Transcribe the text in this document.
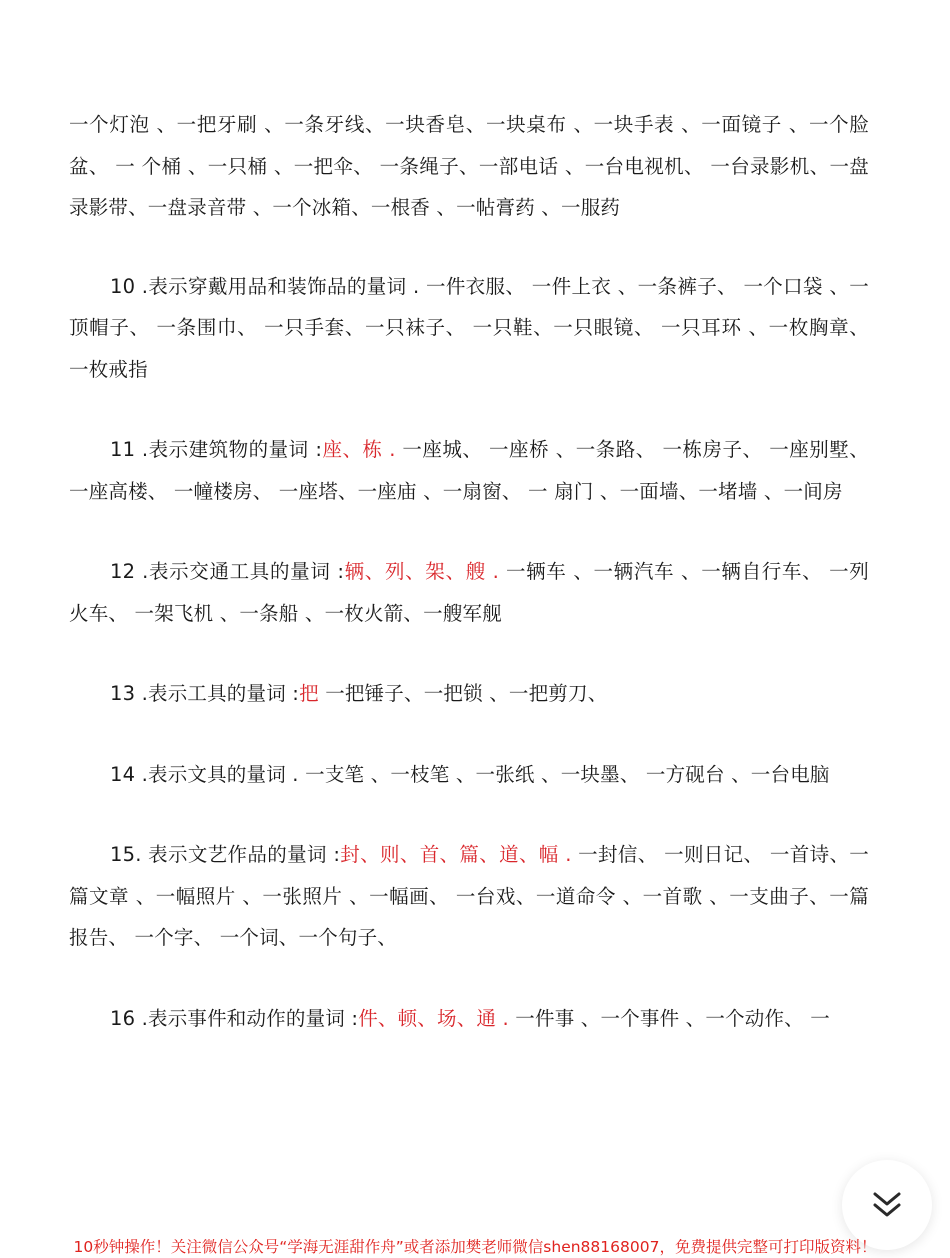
一个灯泡 、一把牙刷 、一条牙线、一块香皂、一块桌布 、一块手表 、一面镜子 、一个脸盆、 一 个桶 、一只桶 、一把伞、 一条绳子、一部电话 、一台电视机、 一台录影机、一盘录影带、一盘录音带 、一个冰箱、一根香 、一帖膏药 、一服药

10 .表示穿戴用品和装饰品的量词 . 一件衣服、 一件上衣 、一条裤子、 一个口袋 、一顶帽子、 一条围巾、 一只手套、一只袜子、 一只鞋、一只眼镜、 一只耳环 、一枚胸章、一枚戒指

11 .表示建筑物的量词 :座、栋 . 一座城、 一座桥 、一条路、 一栋房子、 一座别墅、 一座高楼、 一幢楼房、 一座塔、一座庙 、一扇窗、 一 扇门 、一面墙、一堵墙 、一间房

12 .表示交通工具的量词 :辆、列、架、艘 . 一辆车 、一辆汽车 、一辆自行车、 一列火车、 一架飞机 、一条船 、一枚火箭、一艘军舰

13 .表示工具的量词 :把 一把锤子、一把锁 、一把剪刀、

14 .表示文具的量词 . 一支笔 、一枝笔 、一张纸 、一块墨、 一方砚台 、一台电脑

15. 表示文艺作品的量词 :封、则、首、篇、道、幅 . 一封信、 一则日记、 一首诗、一篇文章 、一幅照片 、一张照片 、一幅画、 一台戏、一道命令 、一首歌 、一支曲子、一篇报告、 一个字、 一个词、一个句子、

16 .表示事件和动作的量词 :件、顿、场、通 . 一件事 、一个事件 、一个动作、 一

10秒钟操作！关注微信公众号“学海无涯甜作舟”或者添加樊老师微信shen88168007，免费提供完整可打印版资料！
